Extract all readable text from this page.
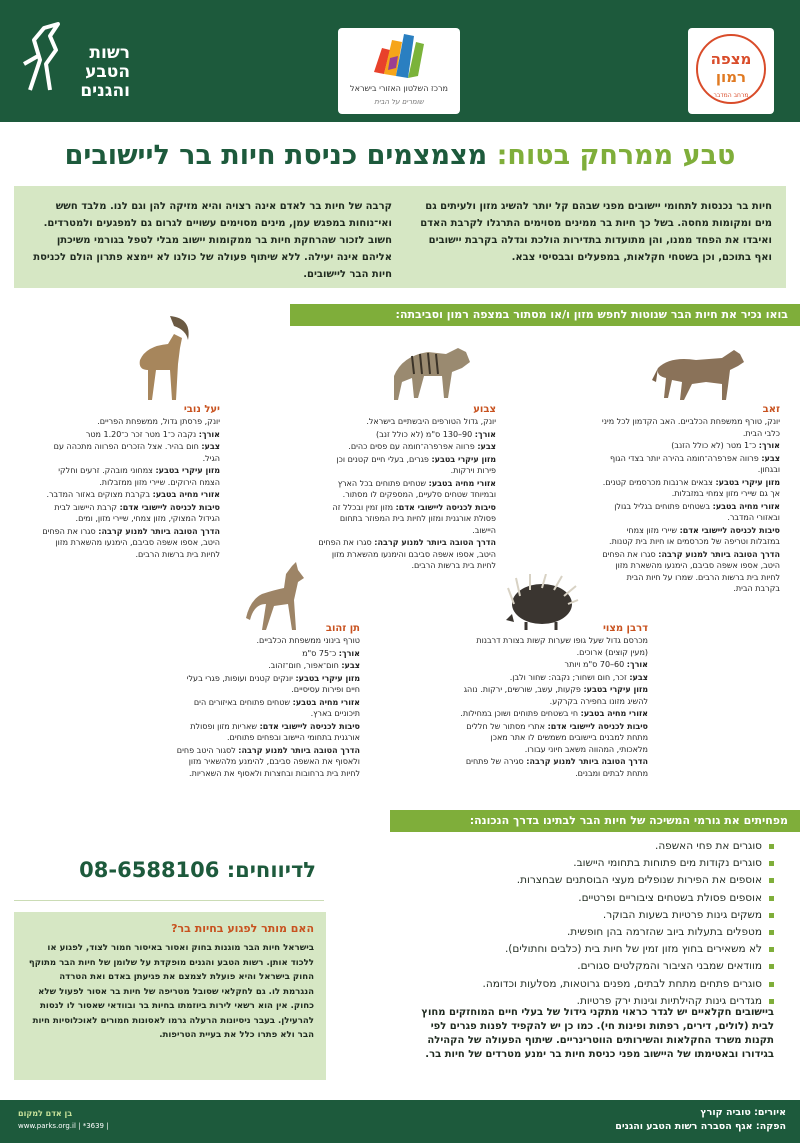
רשות
הטבע
והגנים	מרכז השלטון האזורי בישראל
שומרים על הבית
מצפה
רמון
מרחב המדבר
טבע ממרחק בטוח: מצמצמים כניסת חיות בר ליישובים
חיות בר נכנסות לתחומי יישובים מפני שבהם קל יותר להשיג מזון ולעיתים גם מים ומקומות מחסה. בשל כך חיות בר ממינים מסוימים התרגלו לקרבת האדם ואיבדו את הפחד ממנו, והן מתועדות בתדירות הולכת וגדלה בקרבת יישובים ואף בתוכם, וכן בשטחי חקלאות, במפעלים ובבסיסי צבא.
קרבה של חיות בר לאדם אינה רצויה והיא מזיקה להן וגם לנו. מלבד חשש ואי־נוחות במפגש עמן, מינים מסוימים עשויים לגרום גם למפגעים ולמטרדים. חשוב לזכור שהרחקת חיות בר ממקומות יישוב מבלי לטפל בגורמי משיכתן אליהם אינה יעילה. ללא שיתוף פעולה של כולנו לא יימצא פתרון הולם לכניסת חיות הבר ליישובים.
בואו נכיר את חיות הבר שנוטות לחפש מזון ו/או מסתור במצפה רמון וסביבתה:
זאב
יונק, טורף ממשפחת הכלביים. האב הקדמון לכל מיני כלבי הבית.
אורך: כ־1 מטר (לא כולל הזנב)
צבע: פרווה אפרפרה־חומה בהירה יותר בצדי הגוף ובגחון.
מזון עיקרי בטבע: צבאים ארנבות מכרסמים קטנים. אך גם שיירי מזון צמחי במזבלות.
אזורי מחיה בטבע: בשטחים פתוחים בגליל בגולן ובאזורי המדבר.
סיבות לכניסה ליישובי אדם: שיירי מזון צמחי במזבלות וטריפה של מכרסמים או חיות בית קטנות.
הדרך הטובה ביותר למנוע קרבה: סגרו את הפחים היטב, אספו אשפה סביבם, הימנעו מהשארת מזון לחיות בית ברשות הרבים. שמרו על חיות הבית בקרבת הבית.
צבוע
יונק, גדול הטורפים היבשתיים בישראל.
אורך: 90–130 ס"מ (לא כולל זנב)
צבע: פרווה אפרפרה־חומה עם פסים כהים.
מזון עיקרי בטבע: פגרים, בעלי חיים קטנים וכן פירות וירקות.
אזורי מחיה בטבע: שטחים פתוחים בכל הארץ ובמיוחד שטחים סלעיים, המספקים לו מסתור.
סיבות לכניסה ליישובי אדם: מזון זמין ובכלל זה פסולת אורגנית ומזון לחיות בית המפוזר בתחום היישוב.
הדרך הטובה ביותר למנוע קרבה: סגרו את הפחים היטב, אספו אשפה סביבם והימנעו מהשארת מזון לחיות בית ברשות הרבים.
יעל נובי
יונק, פרסתן גדול, ממשפחת הפריים.
אורך: נקבה כ־1 מטר זכר כ־1.20 מטר
צבע: חום בהיר. אצל הזכרים הפרווה מתכהה עם הגיל.
מזון עיקרי בטבע: צמחוני מובהק. זרעים וחלקי הצמח הירוקים. שיירי מזון ממזבלות.
אזורי מחיה בטבע: בקרבת מצוקים באזור המדבר.
סיבות לכניסה ליישובי אדם: קרבת היישוב לבית הגידול המצוקי, מזון צמחי, שיירי מזון, ומים.
הדרך הטובה ביותר למנוע קרבה: סגרו את הפחים היטב, אספו אשפה סביבם, הימנעו מהשארת מזון לחיות בית ברשות הרבים.
דרבן מצוי
מכרסם גדול שעל גופו שערות קשות בצורת דרבנות (מעין קוצים) ארוכים.
אורך: 60–70 ס"מ ויותר
צבע: זכר, חום ושחור; נקבה: שחור ולבן.
מזון עיקרי בטבע: פקעות, עשב, שורשים, ירקות. נוהג להשיג מזונו בחפירה בקרקע.
אזורי מחיה בטבע: חי בשטחים פתוחים ושוכן במחילות.
סיבות לכניסה ליישובי אדם: אתרי מסתור של חללים מתחת למבנים ביישובים משמשים לו אתר מאכן מלאכותי, המהווה משאב חיוני עבורו.
הדרך הטובה ביותר למנוע קרבה: סגירה של פתחים מתחת לבתים ומבנים.
תן זהוב
טורף בינוני ממשפחת הכלביים.
אורך: כ־75 ס"מ
צבע: חום־אפור, חום־זהוב.
מזון עיקרי בטבע: יונקים קטנים ועופות, פגרי בעלי חיים ופירות עסיסיים.
אזורי מחיה בטבע: שטחים פתוחים באיזורים הים תיכוניים בארץ.
סיבות לכניסה ליישובי אדם: שאריות מזון ופסולת אורגנית בתחומי היישוב ובפחים פתוחים.
הדרך הטובה ביותר למנוע קרבה: לסגור היטב פחים ולאסוף את האשפה סביבם, להימנע מלהשאיר מזון לחיות בית ברחובות ובחצרות ולאסוף את השאריות.
מפחיתים את גורמי המשיכה של חיות הבר לבתינו בדרך הנכונה:
סוגרים את פחי האשפה.
סוגרים נקודות מים פתוחות בתחומי היישוב.
אוספים את הפירות שנופלים מעצי הבוסתנים שבחצרות.
אוספים פסולת בשטחים ציבוריים ופרטיים.
משקים גינות פרטיות בשעות הבוקר.
מטפלים בתעלות ביוב שהזרמה בהן חופשית.
לא משאירים בחוץ מזון זמין של חיות בית (כלבים וחתולים).
מוודאים שמבני הציבור והמקלטים סגורים.
סוגרים פתחים מתחת לבתים, מפנים גרוטאות, מסלעות וכדומה.
מגדרים גינות קהילתיות וגינות ירק פרטיות.
ביישובים חקלאיים יש לגדר כראוי מתקני גידול של בעלי חיים המוחזקים מחוץ לבית (לולים, דירים, רפתות ופינות חי). כמו כן יש להקפיד לפנות פגרים לפי תקנות משרד החקלאות והשירותים הווטרינריים. שיתוף הפעולה של הקהילה בגידורו ובאטימתו של היישוב מפני כניסת חיות בר ימנע מטרדים של חיות בר.
לדיווחים: 08-6588106
האם מותר לפגוע בחיות בר?
בישראל חיות הבר מוגנות בחוק ואסור באיסור חמור לצוד, לפגוע או ללכוד אותן. רשות הטבע והגנים מופקדת על שלומן של חיות הבר מתוקף החוק בישראל והיא פועלת לצמצם את פגיעתן באדם ואת הטרדה הנגרמת לו. גם לחקלאי שסובל מטריפה של חיות בר אסור לפעול שלא כחוק. אין הוא רשאי לירות ביוזמתו בחיות בר ובוודאי שאסור לו לנסות להרעילן. בעבר ניסיונות הרעלה גרמו לאסונות חמורים לאוכלוסיות חיות הבר ולא פתרו כלל את בעיית הטריפות.
איורים: טוביה קורץ
הפקה: אגף הסברה רשות הטבע והגנים
בן אדם למקום
www.parks.org.il | *3639 |
